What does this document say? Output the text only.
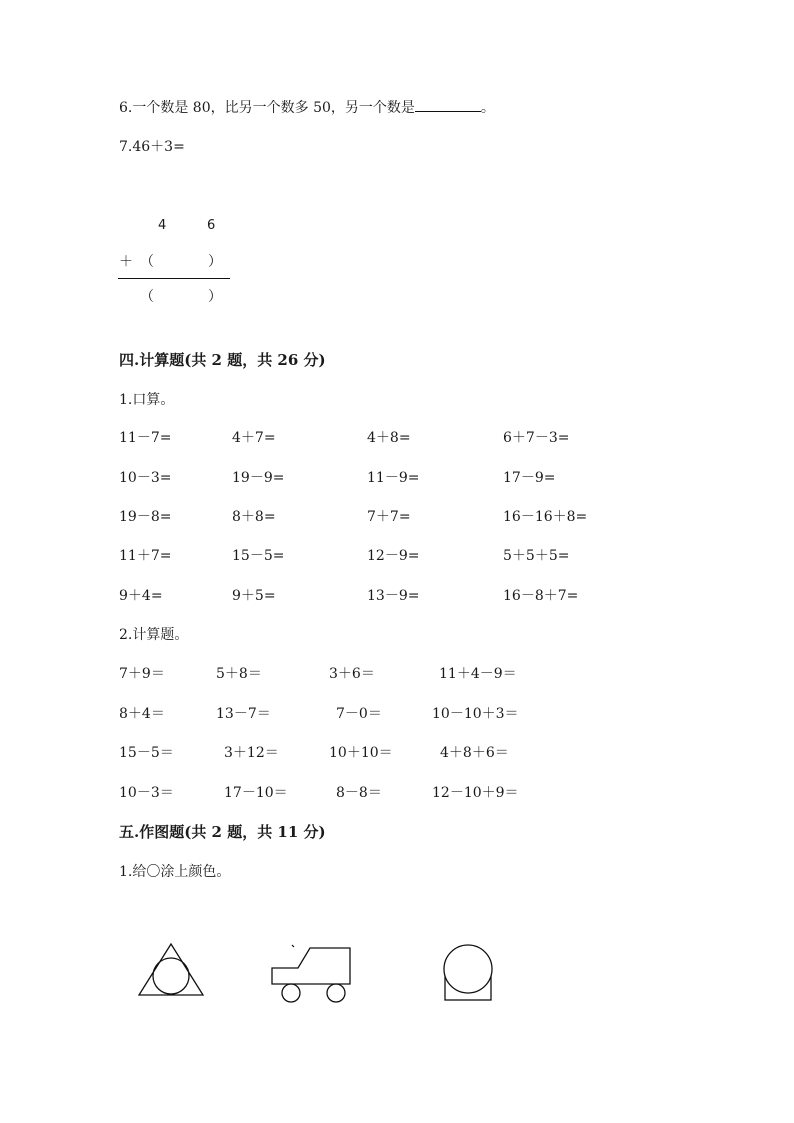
6.一个数是 80，比另一个数多 50，另一个数是	。
7.46＋3=
4	6
＋ （	）
（	）
四.计算题(共 2 题，共 26 分)
1.口算。
11－7=	4＋7=	4＋8=	6＋7－3=
10－3=	19－9=	11－9=	17－9=
19－8=	8＋8=	7＋7=	16－16＋8=
11＋7=	15－5=	12－9=	5＋5＋5=
9＋4=	9＋5=	13－9=	16－8＋7=
2.计算题。
7＋9＝	5＋8＝	3＋6＝	11＋4－9＝
8＋4＝	13－7＝	7－0＝	10－10＋3＝
15－5＝	3＋12＝	10＋10＝	4＋8＋6＝
10－3＝	17－10＝	8－8＝	12－10＋9＝
五.作图题(共 2 题，共 11 分)
1.给〇涂上颜色。
